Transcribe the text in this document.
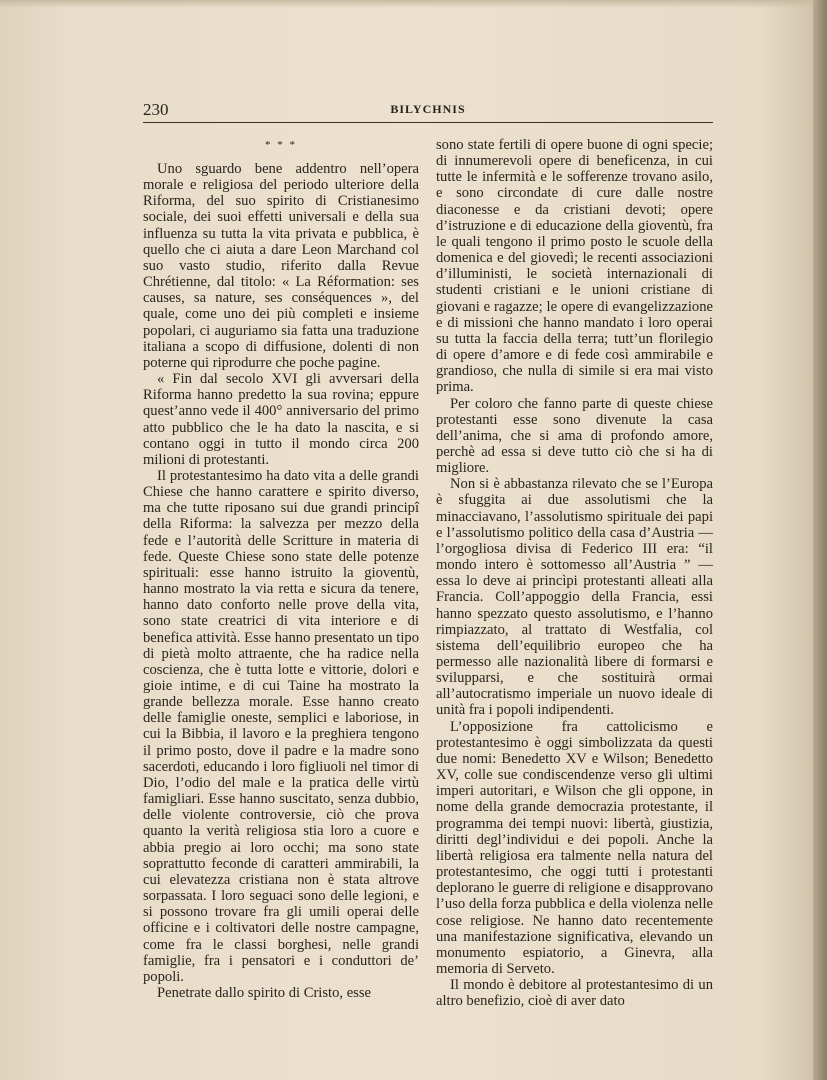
230	BILYCHNIS
* * *

Uno sguardo bene addentro nell’opera morale e religiosa del periodo ulteriore della Riforma, del suo spirito di Cristianesimo sociale, dei suoi effetti universali e della sua influenza su tutta la vita privata e pubblica, è quello che ci aiuta a dare Leon Marchand col suo vasto studio, riferito dalla Revue Chrétienne, dal titolo: « La Réformation: ses causes, sa nature, ses conséquences », del quale, come uno dei più completi e insieme popolari, ci auguriamo sia fatta una traduzione italiana a scopo di diffusione, dolenti di non poterne qui riprodurre che poche pagine.

« Fin dal secolo XVI gli avversari della Riforma hanno predetto la sua rovina; eppure quest’anno vede il 400° anniversario del primo atto pubblico che le ha dato la nascita, e si contano oggi in tutto il mondo circa 200 milioni di protestanti.

Il protestantesimo ha dato vita a delle grandi Chiese che hanno carattere e spirito diverso, ma che tutte riposano sui due grandi principî della Riforma: la salvezza per mezzo della fede e l’autorità delle Scritture in materia di fede. Queste Chiese sono state delle potenze spirituali: esse hanno istruito la gioventù, hanno mostrato la via retta e sicura da tenere, hanno dato conforto nelle prove della vita, sono state creatrici di vita interiore e di benefica attività. Esse hanno presentato un tipo di pietà molto attraente, che ha radice nella coscienza, che è tutta lotte e vittorie, dolori e gioie intime, e di cui Taine ha mostrato la grande bellezza morale. Esse hanno creato delle famiglie oneste, semplici e laboriose, in cui la Bibbia, il lavoro e la preghiera tengono il primo posto, dove il padre e la madre sono sacerdoti, educando i loro figliuoli nel timor di Dio, l’odio del male e la pratica delle virtù famigliari. Esse hanno suscitato, senza dubbio, delle violente controversie, ciò che prova quanto la verità religiosa stia loro a cuore e abbia pregio ai loro occhi; ma sono state soprattutto feconde di caratteri ammirabili, la cui elevatezza cristiana non è stata altrove sorpassata. I loro seguaci sono delle legioni, e si possono trovare fra gli umili operai delle officine e i coltivatori delle nostre campagne, come fra le classi borghesi, nelle grandi famiglie, fra i pensatori e i conduttori de’ popoli.

Penetrate dallo spirito di Cristo, esse

sono state fertili di opere buone di ogni specie; di innumerevoli opere di beneficenza, in cui tutte le infermità e le sofferenze trovano asilo, e sono circondate di cure dalle nostre diaconesse e da cristiani devoti; opere d’istruzione e di educazione della gioventù, fra le quali tengono il primo posto le scuole della domenica e del giovedì; le recenti associazioni d’illuministi, le società internazionali di studenti cristiani e le unioni cristiane di giovani e ragazze; le opere di evangelizzazione e di missioni che hanno mandato i loro operai su tutta la faccia della terra; tutt’un florilegio di opere d’amore e di fede così ammirabile e grandioso, che nulla di simile si era mai visto prima.

Per coloro che fanno parte di queste chiese protestanti esse sono divenute la casa dell’anima, che si ama di profondo amore, perchè ad essa si deve tutto ciò che si ha di migliore.

Non si è abbastanza rilevato che se l’Europa è sfuggita ai due assolutismi che la minacciavano, l’assolutismo spirituale dei papi e l’assolutismo politico della casa d’Austria — l’orgogliosa divisa di Federico III era: “il mondo intero è sottomesso all’Austria ” — essa lo deve ai princìpi protestanti alleati alla Francia. Coll’appoggio della Francia, essi hanno spezzato questo assolutismo, e l’hanno rimpiazzato, al trattato di Westfalia, col sistema dell’equilibrio europeo che ha permesso alle nazionalità libere di formarsi e svilupparsi, e che sostituirà ormai all’autocratismo imperiale un nuovo ideale di unità fra i popoli indipendenti.

L’opposizione fra cattolicismo e protestantesimo è oggi simbolizzata da questi due nomi: Benedetto XV e Wilson; Benedetto XV, colle sue condiscendenze verso gli ultimi imperi autoritari, e Wilson che gli oppone, in nome della grande democrazia protestante, il programma dei tempi nuovi: libertà, giustizia, diritti degl’individui e dei popoli. Anche la libertà religiosa era talmente nella natura del protestantesimo, che oggi tutti i protestanti deplorano le guerre di religione e disapprovano l’uso della forza pubblica e della violenza nelle cose religiose. Ne hanno dato recentemente una manifestazione significativa, elevando un monumento espiatorio, a Ginevra, alla memoria di Serveto.

Il mondo è debitore al protestantesimo di un altro benefizio, cioè di aver dato
